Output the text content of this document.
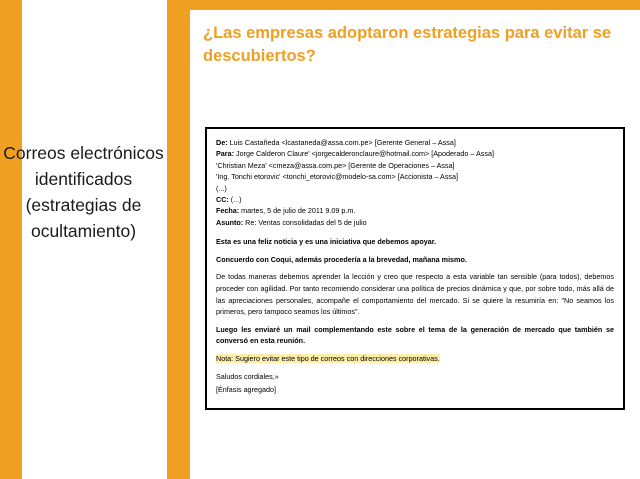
Correos electrónicos identificados (estrategias de ocultamiento)
¿Las empresas adoptaron estrategias para evitar se descubiertos?
De: Luis Castañeda <lcastaneda@assa.com.pe> [Gerente General – Assa]
Para: Jorge Calderon Claure' <jorgecalderonclaure@hotmail.com> [Apoderado – Assa]
'Christian Meza' <cmeza@assa.com.pe> [Gerente de Operaciones – Assa]
'Ing. Tonchi etorovic' <tonchi_etorovic@modelo-sa.com> [Accionista – Assa]
(...)
CC: (...)
Fecha: martes, 5 de julio de 2011 9.09 p.m.
Asunto: Re: Ventas consolidadas del 5 de julio

Esta es una feliz noticia y es una iniciativa que debemos apoyar.

Concuerdo con Coqui, además procedería a la brevedad, mañana mismo.

De todas maneras debemos aprender la lección y creo que respecto a esta variable tan sensible (para todos), debemos proceder con agilidad. Por tanto recomiendo considerar una política de precios dinámica y que, por sobre todo, más allá de las apreciaciones personales, acompañe el comportamiento del mercado. Si se quiere la resumiría en: "No seamos los primeros, pero tampoco seamos los últimos".

Luego les enviaré un mail complementando este sobre el tema de la generación de mercado que también se conversó en esta reunión.

Nota: Sugiero evitar este tipo de correos con direcciones corporativas.

Saludos cordiales,»

[Énfasis agregado]
